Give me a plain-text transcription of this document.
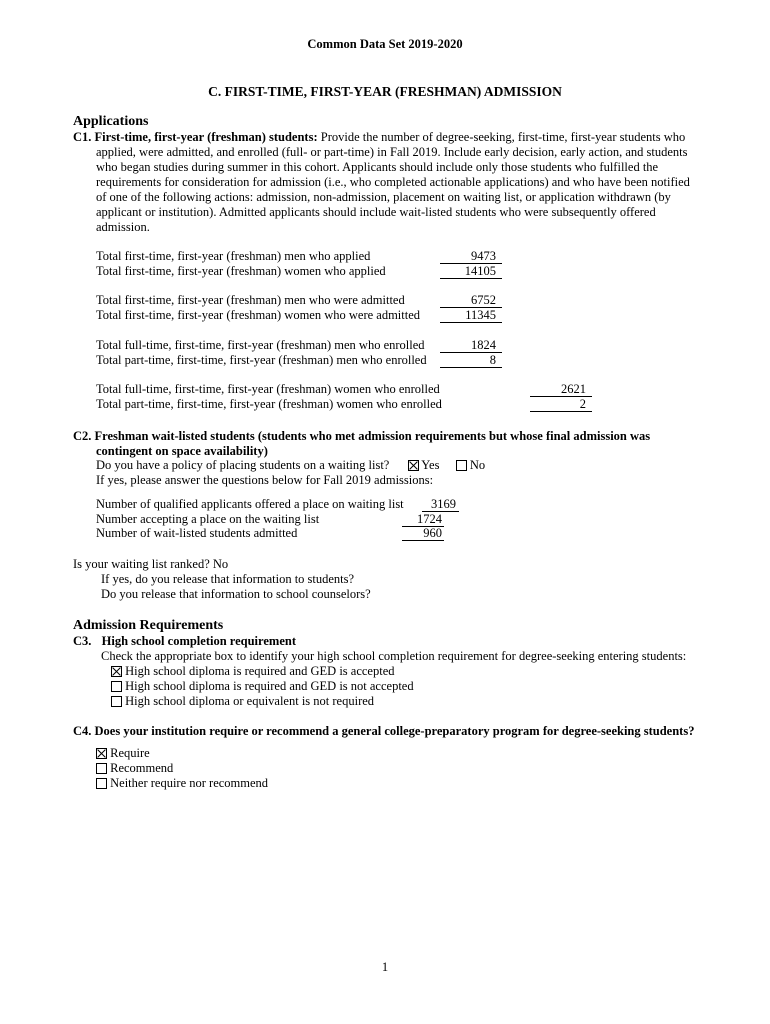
Common Data Set 2019-2020
C. FIRST-TIME, FIRST-YEAR (FRESHMAN) ADMISSION
Applications
C1. First-time, first-year (freshman) students: Provide the number of degree-seeking, first-time, first-year students who
applied, were admitted, and enrolled (full- or part-time) in Fall 2019. Include early decision, early action, and students
who began studies during summer in this cohort. Applicants should include only those students who fulfilled the
requirements for consideration for admission (i.e., who completed actionable applications) and who have been notified
of one of the following actions: admission, non-admission, placement on waiting list, or application withdrawn (by
applicant or institution). Admitted applicants should include wait-listed students who were subsequently offered
admission.
Total first-time, first-year (freshman) men who applied	9473
Total first-time, first-year (freshman) women who applied	14105
Total first-time, first-year (freshman) men who were admitted	6752
Total first-time, first-year (freshman) women who were admitted	11345
Total full-time, first-time, first-year (freshman) men who enrolled	1824
Total part-time, first-time, first-year (freshman) men who enrolled	8
Total full-time, first-time, first-year (freshman) women who enrolled	2621
Total part-time, first-time, first-year (freshman) women who enrolled	2
C2. Freshman wait-listed students (students who met admission requirements but whose final admission was
contingent on space availability)
Do you have a policy of placing students on a waiting list?	Yes No
If yes, please answer the questions below for Fall 2019 admissions:
Number of qualified applicants offered a place on waiting list	3169
Number accepting a place on the waiting list	1724
Number of wait-listed students admitted	960
Is your waiting list ranked? No
If yes, do you release that information to students?
Do you release that information to school counselors?
Admission Requirements
C3. High school completion requirement
Check the appropriate box to identify your high school completion requirement for degree-seeking entering students:
High school diploma is required and GED is accepted
High school diploma is required and GED is not accepted
High school diploma or equivalent is not required
C4. Does your institution require or recommend a general college-preparatory program for degree-seeking students?
Require
Recommend
Neither require nor recommend
1
